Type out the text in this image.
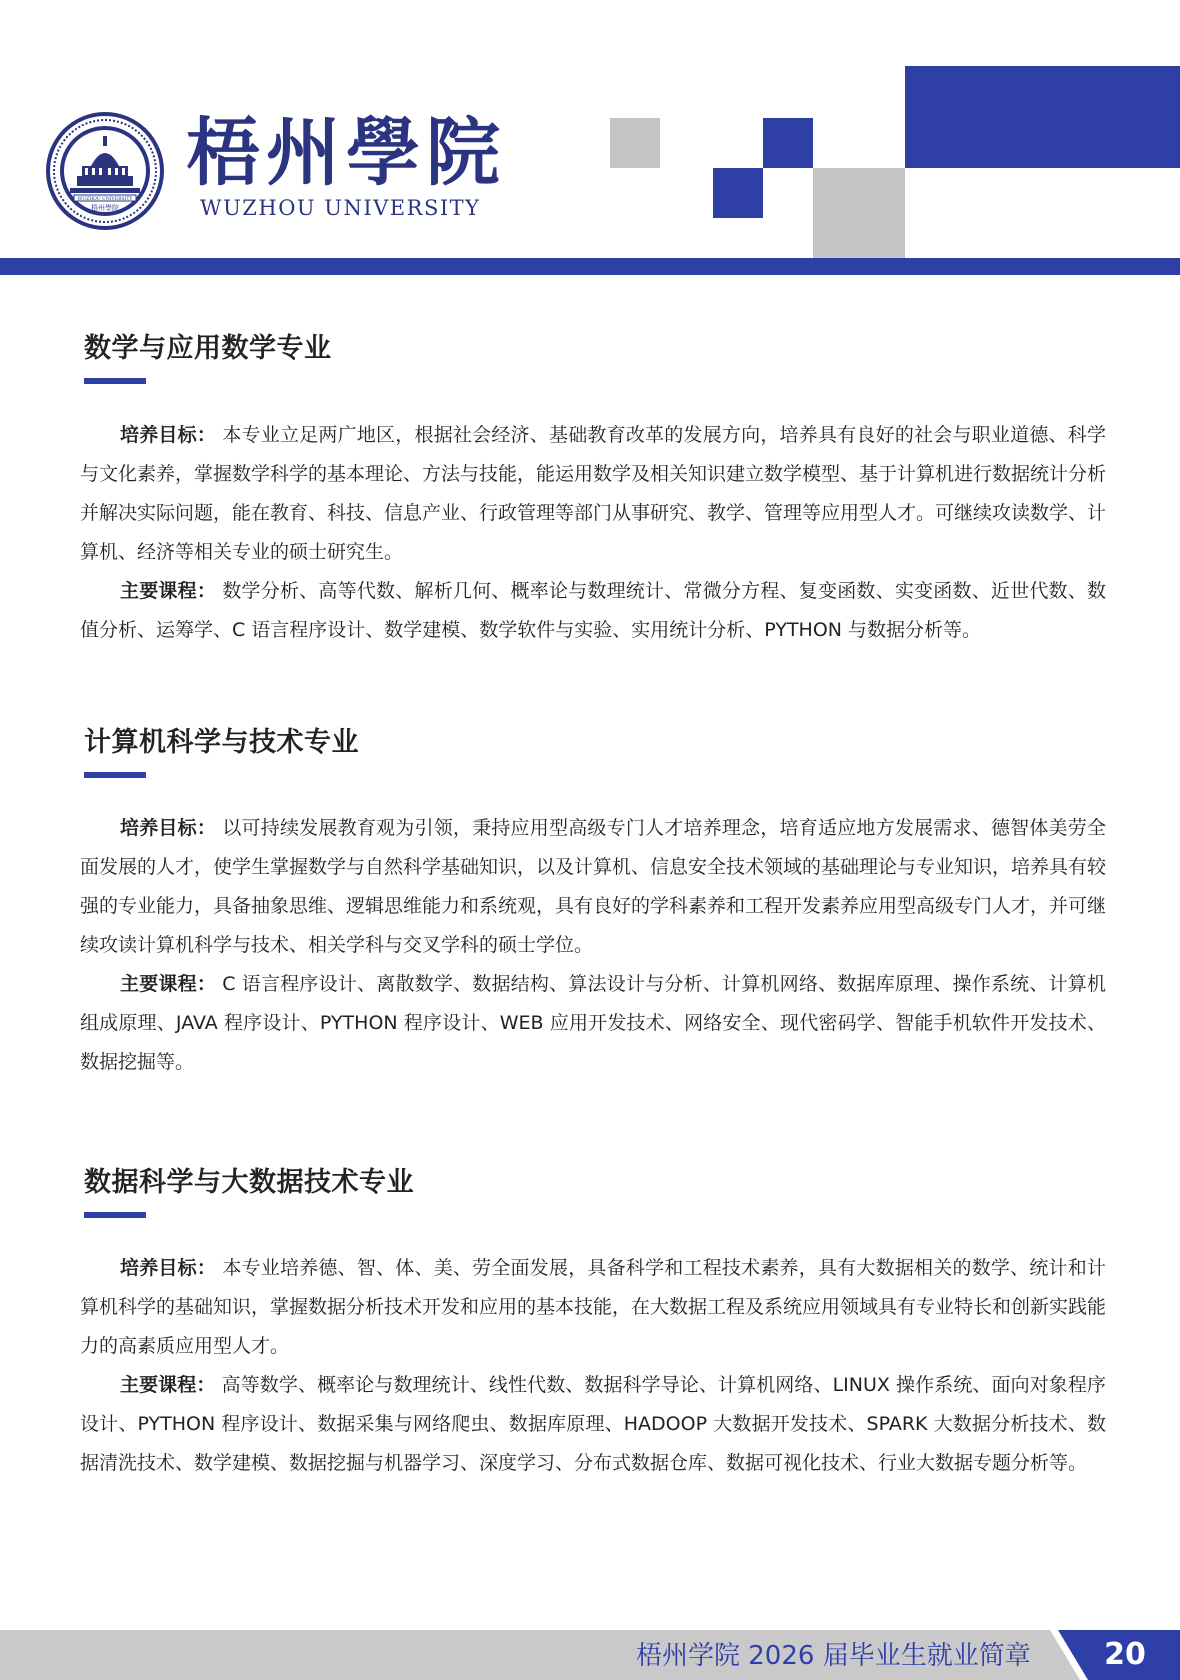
WUZHOU UNIVERSITY
梧州學院
梧州學院
WUZHOU UNIVERSITY
数学与应用数学专业

培养目标： 本专业立足两广地区，根据社会经济、基础教育改革的发展方向，培养具有良好的社会与职业道德、科学与文化素养，掌握数学科学的基本理论、方法与技能，能运用数学及相关知识建立数学模型、基于计算机进行数据统计分析并解决实际问题，能在教育、科技、信息产业、行政管理等部门从事研究、教学、管理等应用型人才。可继续攻读数学、计算机、经济等相关专业的硕士研究生。

主要课程： 数学分析、高等代数、解析几何、概率论与数理统计、常微分方程、复变函数、实变函数、近世代数、数值分析、运筹学、C 语言程序设计、数学建模、数学软件与实验、实用统计分析、PYTHON 与数据分析等。

计算机科学与技术专业

培养目标： 以可持续发展教育观为引领，秉持应用型高级专门人才培养理念，培育适应地方发展需求、德智体美劳全面发展的人才，使学生掌握数学与自然科学基础知识，以及计算机、信息安全技术领域的基础理论与专业知识，培养具有较强的专业能力，具备抽象思维、逻辑思维能力和系统观，具有良好的学科素养和工程开发素养应用型高级专门人才，并可继续攻读计算机科学与技术、相关学科与交叉学科的硕士学位。

主要课程： C 语言程序设计、离散数学、数据结构、算法设计与分析、计算机网络、数据库原理、操作系统、计算机组成原理、JAVA 程序设计、PYTHON 程序设计、WEB 应用开发技术、网络安全、现代密码学、智能手机软件开发技术、数据挖掘等。

数据科学与大数据技术专业

培养目标： 本专业培养德、智、体、美、劳全面发展，具备科学和工程技术素养，具有大数据相关的数学、统计和计算机科学的基础知识，掌握数据分析技术开发和应用的基本技能，在大数据工程及系统应用领域具有专业特长和创新实践能力的高素质应用型人才。

主要课程： 高等数学、概率论与数理统计、线性代数、数据科学导论、计算机网络、LINUX 操作系统、面向对象程序设计、PYTHON 程序设计、数据采集与网络爬虫、数据库原理、HADOOP 大数据开发技术、SPARK 大数据分析技术、数据清洗技术、数学建模、数据挖掘与机器学习、深度学习、分布式数据仓库、数据可视化技术、行业大数据专题分析等。

梧州学院 2026 届毕业生就业简章	20
